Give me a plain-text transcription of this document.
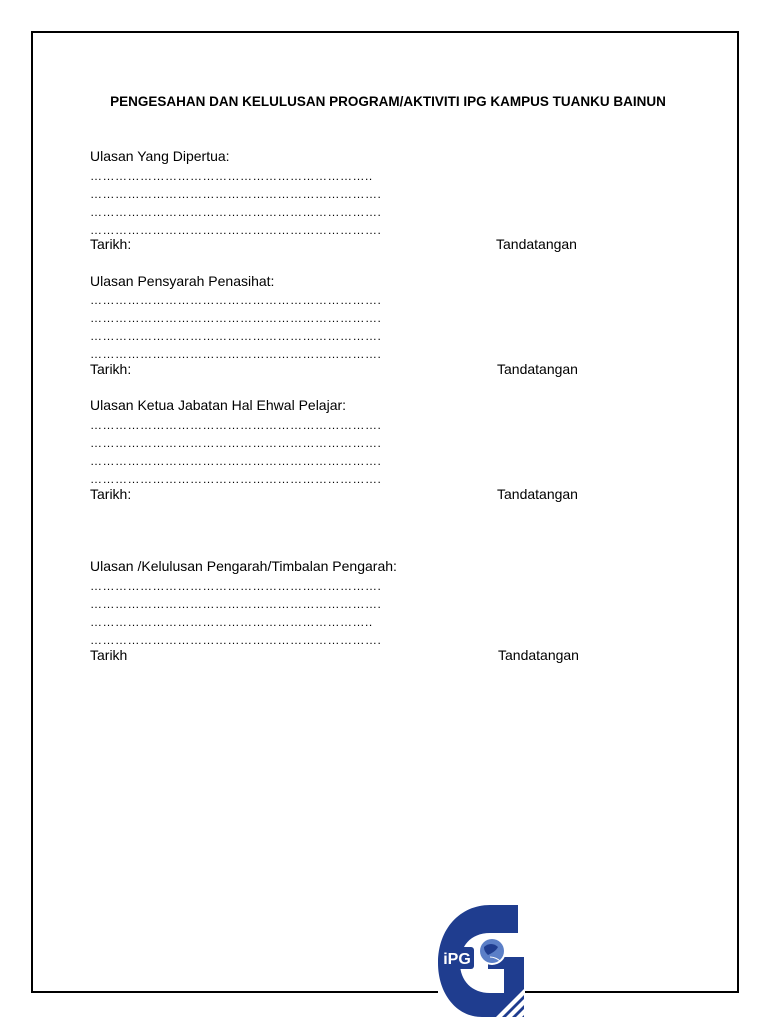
PENGESAHAN DAN KELULUSAN PROGRAM/AKTIVITI IPG KAMPUS TUANKU BAINUN
Ulasan Yang Dipertua:
…………………………………………………………..
…………………………………………………………….
…………………………………………………………….
…………………………………………………………….
Tarikh:	Tandatangan
Ulasan Pensyarah Penasihat:
…………………………………………………………….
…………………………………………………………….
…………………………………………………………….
…………………………………………………………….
Tarikh:	Tandatangan
Ulasan Ketua Jabatan Hal Ehwal Pelajar:
…………………………………………………………….
…………………………………………………………….
…………………………………………………………….
…………………………………………………………….
Tarikh:	Tandatangan
Ulasan /Kelulusan Pengarah/Timbalan Pengarah:
…………………………………………………………….
…………………………………………………………….
…………………………………………………………..
…………………………………………………………….
Tarikh	Tandatangan
iPG
